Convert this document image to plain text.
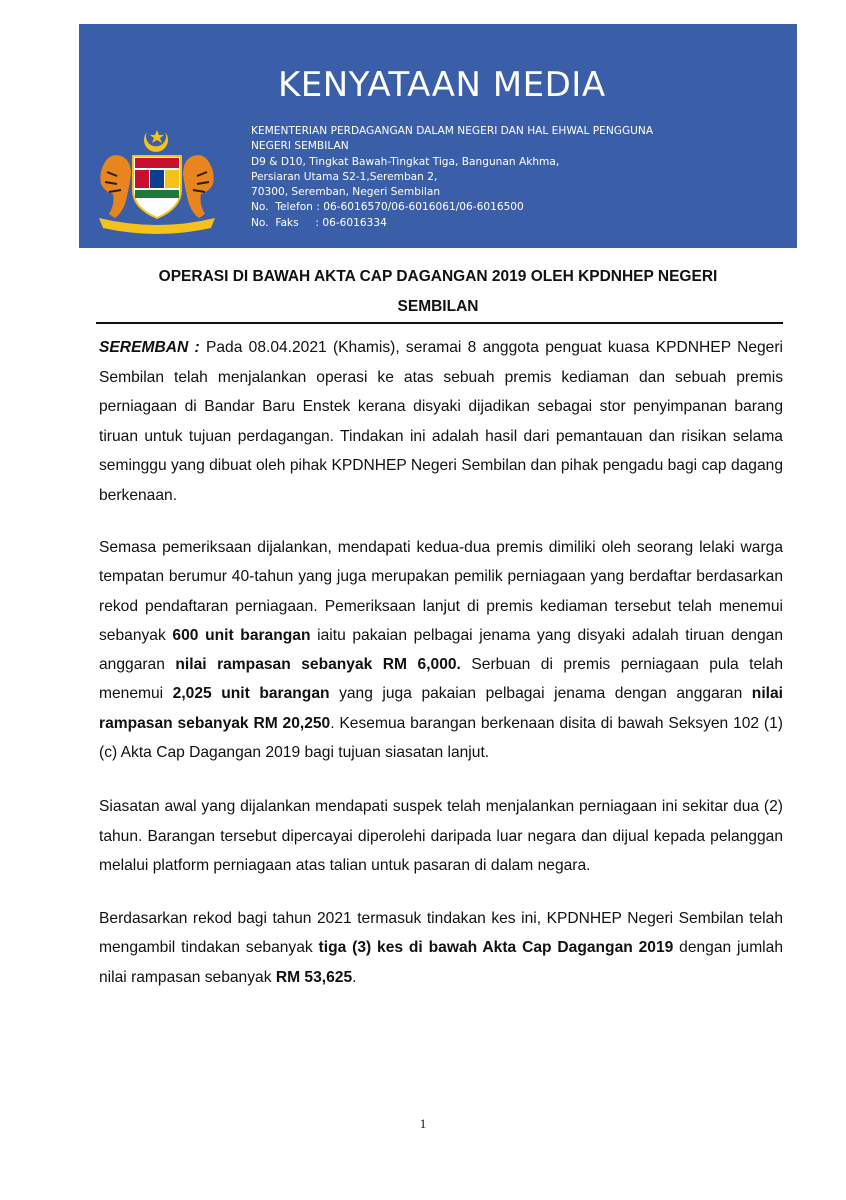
KENYATAAN MEDIA
KEMENTERIAN PERDAGANGAN DALAM NEGERI DAN HAL EHWAL PENGGUNA
NEGERI SEMBILAN
D9 & D10, Tingkat Bawah-Tingkat Tiga, Bangunan Akhma,
Persiaran Utama S2-1,Seremban 2,
70300, Seremban, Negeri Sembilan
No.  Telefon : 06-6016570/06-6016061/06-6016500
No.  Faks     : 06-6016334
OPERASI DI BAWAH AKTA CAP DAGANGAN 2019 OLEH KPDNHEP NEGERI
SEMBILAN

SEREMBAN : Pada 08.04.2021 (Khamis), seramai 8 anggota penguat kuasa KPDNHEP Negeri Sembilan telah menjalankan operasi ke atas sebuah premis kediaman dan sebuah premis perniagaan di Bandar Baru Enstek kerana disyaki dijadikan sebagai stor penyimpanan barang tiruan untuk tujuan perdagangan. Tindakan ini adalah hasil dari pemantauan dan risikan selama seminggu yang dibuat oleh pihak KPDNHEP Negeri Sembilan dan pihak pengadu bagi cap dagang berkenaan.

Semasa pemeriksaan dijalankan, mendapati kedua-dua premis dimiliki oleh seorang lelaki warga tempatan berumur 40-tahun yang juga merupakan pemilik perniagaan yang berdaftar berdasarkan rekod pendaftaran perniagaan. Pemeriksaan lanjut di premis kediaman tersebut telah menemui sebanyak 600 unit barangan iaitu pakaian pelbagai jenama yang disyaki adalah tiruan dengan anggaran nilai rampasan sebanyak RM 6,000. Serbuan di premis perniagaan pula telah menemui 2,025 unit barangan yang juga pakaian pelbagai jenama dengan anggaran nilai rampasan sebanyak RM 20,250. Kesemua barangan berkenaan disita di bawah Seksyen 102 (1) (c) Akta Cap Dagangan 2019 bagi tujuan siasatan lanjut.

Siasatan awal yang dijalankan mendapati suspek telah menjalankan perniagaan ini sekitar dua (2) tahun. Barangan tersebut dipercayai diperolehi daripada luar negara dan dijual kepada pelanggan melalui platform perniagaan atas talian untuk pasaran di dalam negara.

Berdasarkan rekod bagi tahun 2021 termasuk tindakan kes ini, KPDNHEP Negeri Sembilan telah mengambil tindakan sebanyak tiga (3) kes di bawah Akta Cap Dagangan 2019 dengan jumlah nilai rampasan sebanyak RM 53,625.

1
